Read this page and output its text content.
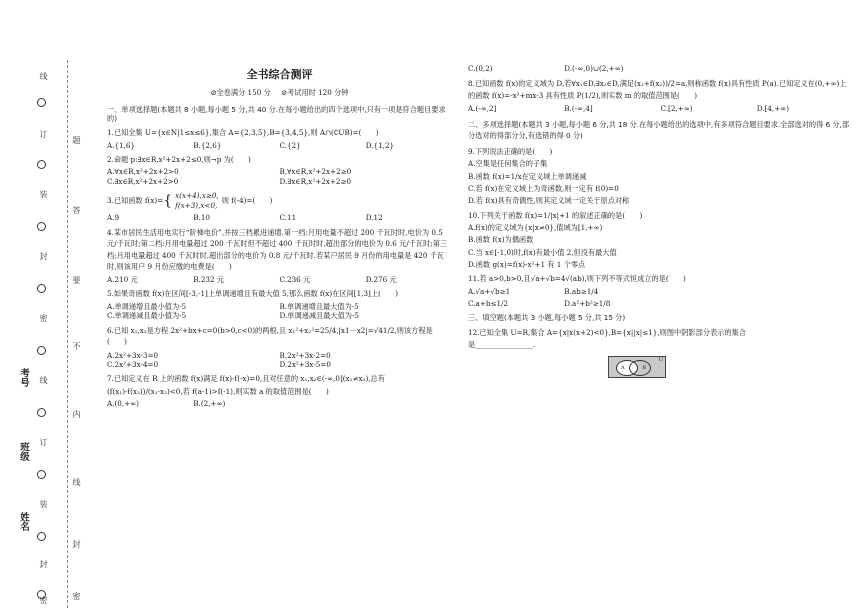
考号
班级
姓名
线
订
装
封
密
线
订
装
封
密
题
答
要
不
内
线
封
密
全书综合测评
⊘全卷满分 150 分 ⊘考试用时 120 分钟

一、单项选择题(本题共 8 小题,每小题 5 分,共 40 分.在每小题给出的四个选项中,只有一项是符合题目要求的)

1.已知全集 U={x∈N|1≤x≤6},集合 A={2,3,5},B={3,4,5},则 A∩(∁UB)=(　　)

A.{1,6}	B.{2,6}	C.{2}	D.{1,2}

2.命题 p:∃x∈R,x²+2x+2≤0,则¬p 为(　　)

A.∀x∈R,x²+2x+2>0	B.∀x∈R,x²+2x+2≥0
C.∃x∈R,x²+2x+2>0	D.∃x∈R,x²+2x+2≥0
3.已知函数 f(x)= { x(x+4),x≥0,
f(x+3),x<0,
则 f(-4)=(　　)
A.9	B.10	C.11	D.12

4.某市居民生活用电实行“阶梯电价”,并按三档累进递增.第一档:月用电量不超过 200 千瓦时时,电价为 0.5 元/千瓦时;第二档:月用电量超过 200 千瓦时但不超过 400 千瓦时时,超出部分的电价为 0.6 元/千瓦时;第三档:月用电量超过 400 千瓦时时,超出部分的电价为 0.8 元/千瓦时.若某户居民 9 月份的用电量是 420 千瓦时,则该用户 9 月份应缴的电费是(　　)

A.210 元	B.232 元	C.236 元	D.276 元

5.如果奇函数 f(x)在区间[-3,-1]上单调递增且有最大值 5,那么函数 f(x)在区间[1,3]上(　　)

A.单调递增且最小值为-5	B.单调递增且最大值为-5
C.单调递减且最小值为-5	D.单调递减且最大值为-5

6.已知 x₁,x₂是方程 2x²+bx+c=0(b>0,c<0)的两根,且 x₁²+x₂²=25/4,|x1－x2|=√41/2,则该方程是(　　)

A.2x²+3x-3=0	B.2x²+3x-2=0
C.2x²+3x-4=0	D.2x²+3x-5=0

7.已知定义在 R 上的函数 f(x)满足 f(x)-f(-x)=0,且对任意的 x₁,x₂∈(-∞,0](x₁≠x₂),总有

(f(x₁)-f(x₂))/(x₁-x₂)<0,若 f(a-1)>f(-1),则实数 a 的取值范围是(　　)

A.(0,+∞)	B.(2,+∞)
C.(0,2)	D.(-∞,0)∪(2,+∞)

8.已知函数 f(x)的定义域为 D,若∀x₁∈D,∃x₂∈D,满足(x₁+f(x₂))/2=a,则称函数 f(x)具有性质 P(a).已知定义在(0,+∞)上的函数 f(x)=-x²+mx-3 具有性质 P(1/2),则实数 m 的取值范围是(　　)

A.(-∞,2]	B.(-∞,4]	C.[2,+∞)	D.[4,+∞)

二、多项选择题(本题共 3 小题,每小题 6 分,共 18 分.在每小题给出的选项中,有多项符合题目要求.全部选对的得 6 分,部分选对的得部分分,有选错的得 0 分)

9.下列说法正确的是(　　)

A.空集是任何集合的子集

B.函数 f(x)=1/x在定义域上单调递减

C.若 f(x)在定义域上为奇函数,则一定有 f(0)=0

D.若 f(x)具有奇偶性,则其定义域一定关于原点对称

10.下列关于函数 f(x)=1/|x|+1 的叙述正确的是(　　)

A.f(x)的定义域为{x|x≠0},值域为[1,+∞)

B.函数 f(x)为偶函数

C.当 x∈[-1,0)时,f(x)有最小值 2,但没有最大值

D.函数 g(x)=f(x)-x²+1 有 1 个零点

11.若 a>0,b>0,且√a+√b=4√(ab),则下列不等式恒成立的是(　　)

A.√a+√b≥1	B.ab≥1/4
C.a+b≤1/2	D.a²+b²≥1/8

三、填空题(本题共 3 小题,每小题 5 分,共 15 分)

12.已知全集 U=R,集合 A={x|x(x+2)<0},B={x||x|≤1},则图中阴影部分表示的集合

是________________.

U
A	B
